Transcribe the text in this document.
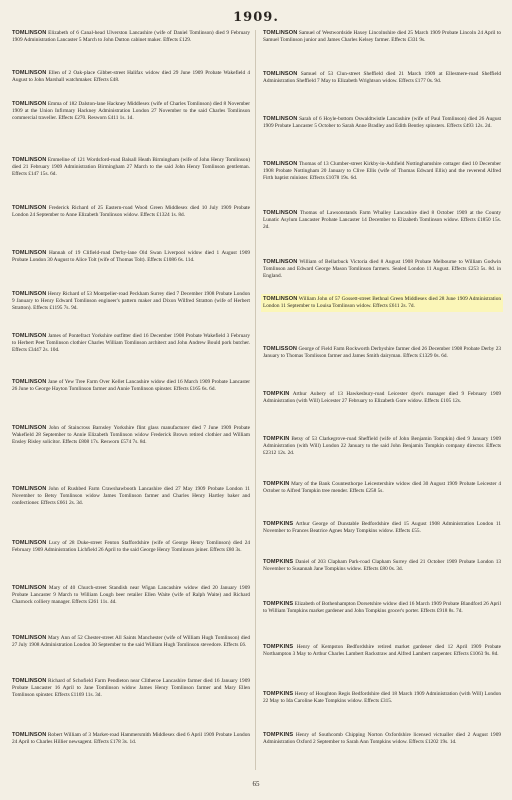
1909.
TOMLINSON Elizabeth of 6 Canal-head Ulverston Lancashire (wife of Daniel Tomlinson) died 9 February 1909 Administration Lancaster 5 March to John Dutton cabinet maker. Effects £129.
TOMLINSON Ellen of 2 Oak-place Gibbet-street Halifax widow died 29 June 1909 Probate Wakefield 4 August to John Marshall watchmaker. Effects £48.
TOMLINSON Emma of 182 Dalston-lane Hackney Middlesex (wife of Charles Tomlinson) died 8 November 1909 at the Union Infirmary Hackney Administration London 27 November to the said Charles Tomlinson commercial traveller. Effects £270. Resworn £411 1s. 1d.
TOMLINSON Emmeline of 121 Wordsford-road Balsall Heath Birmingham (wife of John Henry Tomlinson) died 21 February 1909 Administration Birmingham 27 March to the said John Henry Tomlinson gentleman. Effects £147 15s. 6d.
TOMLINSON Frederick Richard of 25 Eastern-road Wood Green Middlesex died 10 July 1909 Probate London 24 September to Anne Elizabeth Tomlinson widow. Effects £1324 1s. 8d.
TOMLINSON Hannah of 19 Clifield-road Derby-lane Old Swan Liverpool widow died 1 August 1909 Probate London 30 August to Alice Tolt (wife of Thomas Tolt). Effects £1086 6s. 11d.
TOMLINSON Henry Richard of 53 Montpelier-road Peckham Surrey died 7 December 1908 Probate London 9 January to Henry Edward Tomlinson engineer's pattern maker and Dixon Wilfred Stratton (wife of Herbert Stratton). Effects £1195 7s. 9d.
TOMLINSON James of Pontefract Yorkshire outfitter died 16 December 1908 Probate Wakefield 3 February to Herbert Peet Tomlinson clothier Charles William Tomlinson architect and John Andrew Bould pork butcher. Effects £3447 2s. 10d.
TOMLINSON Jane of Yew Tree Farm Over Kellet Lancashire widow died 16 March 1909 Probate Lancaster 26 June to George Hayton Tomlinson farmer and Annie Tomlinson spinster. Effects £165 6s. 6d.
TOMLINSON John of Staincross Barnsley Yorkshire flint glass manufacturer died 7 June 1909 Probate Wakefield 28 September to Annie Elizabeth Tomlinson widow Frederick Brown retired clothier and William Ensley Risley solicitor. Effects £808 17s. Resworn £574 7s. 8d.
TOMLINSON John of Rushbed Farm Crawshawbooth Lancashire died 27 May 1909 Probate London 11 November to Betsy Tomlinson widow James Tomlinson farmer and Charles Henry Hartley baker and confectioner. Effects £661 2s. 3d.
TOMLINSON Lucy of 28 Duke-street Fenton Staffordshire (wife of George Henry Tomlinson) died 24 February 1909 Administration Lichfield 26 April to the said George Henry Tomlinson joiner. Effects £80 3s.
TOMLINSON Mary of 40 Church-street Standish near Wigan Lancashire widow died 20 January 1909 Probate Lancaster 9 March to William Lough beer retailer Ellen Waite (wife of Ralph Waite) and Richard Charnock colliery manager. Effects £261 11s. 4d.
TOMLINSON Mary Ann of 52 Chester-street All Saints Manchester (wife of William Hugh Tomlinson) died 27 July 1908 Administration London 30 September to the said William Hugh Tomlinson stevedore. Effects £6.
TOMLINSON Richard of Schofield Farm Pendleton near Clitheroe Lancashire farmer died 16 January 1909 Probate Lancaster 16 April to Jane Tomlinson widow James Henry Tomlinson farmer and Mary Ellen Tomlinson spinster. Effects £1169 11s. 3d.
TOMLINSON Robert William of 3 Market-road Hammersmith Middlesex died 6 April 1909 Probate London 24 April to Charles Hillier newsagent. Effects £178 3s. 1d.
TOMLINSON Samuel of Westwordside Haxey Lincolnshire died 25 March 1909 Probate Lincoln 24 April to Samuel Tomlinson junior and James Charles Kelsey farmer. Effects £331 9s.
TOMLINSON Samuel of 53 Clun-street Sheffield died 21 March 1909 at Ellesmere-road Sheffield Administration Sheffield 7 May to Elizabeth Wrightson widow. Effects £177 0s. 9d.
TOMLINSON Sarah of 6 Hoyle-bottom Oswaldtwistle Lancashire (wife of Paul Tomlinson) died 26 August 1909 Probate Lancaster 5 October to Sarah Anne Bradley and Edith Bentley spinsters. Effects £493 12s. 2d.
TOMLINSON Thomas of 13 Clumber-street Kirkby-in-Ashfield Nottinghamshire cottager died 10 December 1908 Probate Nottingham 20 January to Clive Ellis (wife of Thomas Edward Ellis) and the reverend Alfred Firth baptist minister. Effects £1078 19s. 6d.
TOMLINSON Thomas of Lawsonstands Farm Whalley Lancashire died 8 October 1909 at the County Lunatic Asylum Lancaster Probate Lancaster 14 December to Elizabeth Tomlinson widow. Effects £1850 15s. 2d.
TOMLINSON William of Bellarbuck Victoria died 8 August 1908 Probate Melbourne to William Godwin Tomlinson and Edward George Mason Tomlinson farmers. Sealed London 11 August. Effects £253 5s. 8d. in England.
TOMLINSON William John of 57 Gossett-street Bethnal Green Middlesex died 28 June 1909 Administration London 11 September to Louisa Tomlinson widow. Effects £611 2s. 7d.
TOMLISSON George of Field Farm Rockworth Derbyshire farmer died 26 December 1908 Probate Derby 23 January to Thomas Tomlisson farmer and James Smith dairyman. Effects £1329 0s. 6d.
TOMPKIN Arthur Aubery of 13 Hawkesbury-road Leicester dyer's manager died 9 February 1909 Administration (with Will) Leicester 27 February to Elizabeth Gore widow. Effects £105 12s.
TOMPKIN Betsy of 53 Clarkegrove-road Sheffield (wife of John Benjamin Tompkin) died 9 January 1909 Administration (with Will) London 22 January to the said John Benjamin Tompkin company director. Effects £2312 12s. 2d.
TOMPKIN Mary of the Bank Countesthorpe Leicestershire widow died 30 August 1909 Probate Leicester 4 October to Alfred Tompkin tree mender. Effects £258 5s.
TOMPKINS Arthur George of Dunstable Bedfordshire died 15 August 1908 Administration London 11 November to Frances Beatrice Agnes Mary Tompkins widow. Effects £55.
TOMPKINS Daniel of 203 Clapham Park-road Clapham Surrey died 21 October 1909 Probate London 13 November to Susannah Jane Tompkins widow. Effects £80 0s. 3d.
TOMPKINS Elizabeth of Bothenhampton Dorsetshire widow died 16 March 1909 Probate Blandford 26 April to William Tompkins market gardener and John Tompkins grocer's porter. Effects £918 8s. 7d.
TOMPKINS Henry of Kempston Bedfordshire retired market gardener died 12 April 1909 Probate Northampton 3 May to Arthur Charles Lambert Rackstraw and Alfred Lambert carpenter. Effects £1063 9s. 8d.
TOMPKINS Henry of Houghton Regis Bedfordshire died 18 March 1909 Administration (with Will) London 22 May to Ida Caroline Kate Tompkins widow. Effects £315.
TOMPKINS Henry of Southcomb Chipping Norton Oxfordshire licensed victualler died 2 August 1909 Administration Oxford 2 September to Sarah Ann Tompkins widow. Effects £1202 19s. 1d.
65
